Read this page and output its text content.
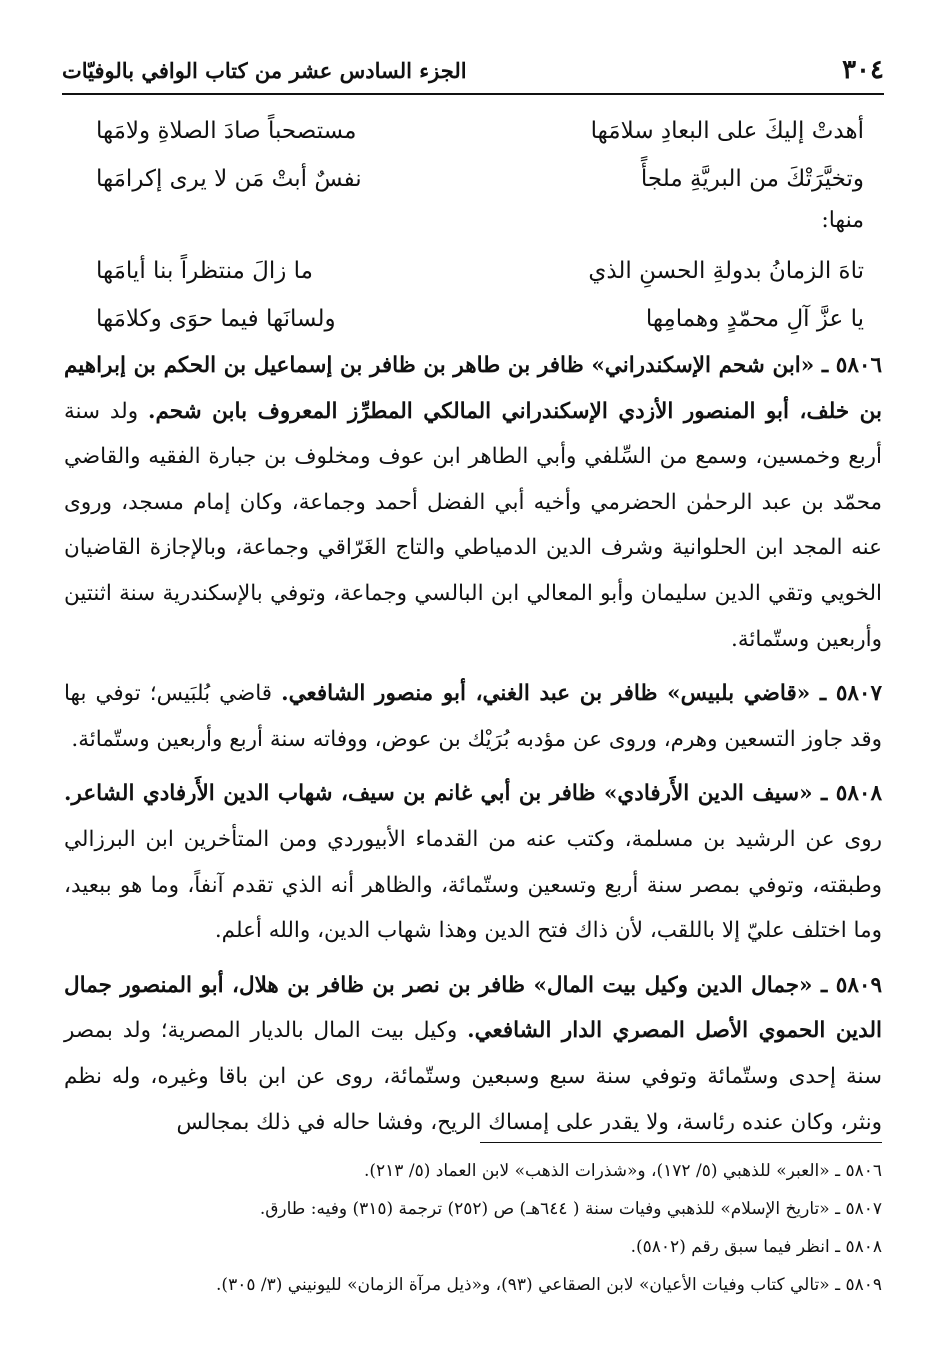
٣٠٤
الجزء السادس عشر من كتاب الوافي بالوفيّات
أهدتْ إليكَ على البعادِ سلامَها
مستصحباً صادَ الصلاةِ ولامَها
وتخيَّرَتْكَ من البريَّةِ ملجأً
نفسٌ أبتْ مَن لا يرى إكرامَها
منها:
تاهَ الزمانُ بدولةِ الحسنِ الذي
ما زالَ منتظراً بنا أيامَها
يا عزَّ آلِ محمّدٍ وهمامِها
ولسانَها فيما حوَى وكلامَها

٥٨٠٦ ـ «ابن شحم الإسكندراني» ظافر بن طاهر بن ظافر بن إسماعيل بن الحكم بن إبراهيم بن خلف، أبو المنصور الأزدي الإسكندراني المالكي المطرِّز المعروف بابن شحم. ولد سنة أربع وخمسين، وسمع من السِّلفي وأبي الطاهر ابن عوف ومخلوف بن جبارة الفقيه والقاضي محمّد بن عبد الرحمٰن الحضرمي وأخيه أبي الفضل أحمد وجماعة، وكان إمام مسجد، وروى عنه المجد ابن الحلوانية وشرف الدين الدمياطي والتاج الغَرّاقي وجماعة، وبالإجازة القاضيان الخويي وتقي الدين سليمان وأبو المعالي ابن البالسي وجماعة، وتوفي بالإسكندرية سنة اثنتين وأربعين وستّمائة.

٥٨٠٧ ـ «قاضي بلبيس» ظافر بن عبد الغني، أبو منصور الشافعي. قاضي بُلبَيس؛ توفي بها وقد جاوز التسعين وهرم، وروى عن مؤدبه بُرَيْك بن عوض، ووفاته سنة أربع وأربعين وستّمائة.

٥٨٠٨ ـ «سيف الدين الأَرفادي» ظافر بن أبي غانم بن سيف، شهاب الدين الأَرفادي الشاعر. روى عن الرشيد بن مسلمة، وكتب عنه من القدماء الأبيوردي ومن المتأخرين ابن البرزالي وطبقته، وتوفي بمصر سنة أربع وتسعين وستّمائة، والظاهر أنه الذي تقدم آنفاً، وما هو ببعيد، وما اختلف عليّ إلا باللقب، لأن ذاك فتح الدين وهذا شهاب الدين، والله أعلم.

٥٨٠٩ ـ «جمال الدين وكيل بيت المال» ظافر بن نصر بن ظافر بن هلال، أبو المنصور جمال الدين الحموي الأصل المصري الدار الشافعي. وكيل بيت المال بالديار المصرية؛ ولد بمصر سنة إحدى وستّمائة وتوفي سنة سبع وسبعين وستّمائة، روى عن ابن باقا وغيره، وله نظم ونثر، وكان عنده رئاسة، ولا يقدر على إمساك الريح، وفشا حاله في ذلك بمجالس

٥٨٠٦ ـ «العبر» للذهبي (٥/ ١٧٢)، و«شذرات الذهب» لابن العماد (٥/ ٢١٣).

٥٨٠٧ ـ «تاريخ الإسلام» للذهبي وفيات سنة ( ٦٤٤هـ) ص (٢٥٢) ترجمة (٣١٥) وفيه: طارق.

٥٨٠٨ ـ انظر فيما سبق رقم (٥٨٠٢).

٥٨٠٩ ـ «تالي كتاب وفيات الأعيان» لابن الصقاعي (٩٣)، و«ذيل مرآة الزمان» لليونيني (٣/ ٣٠٥).
